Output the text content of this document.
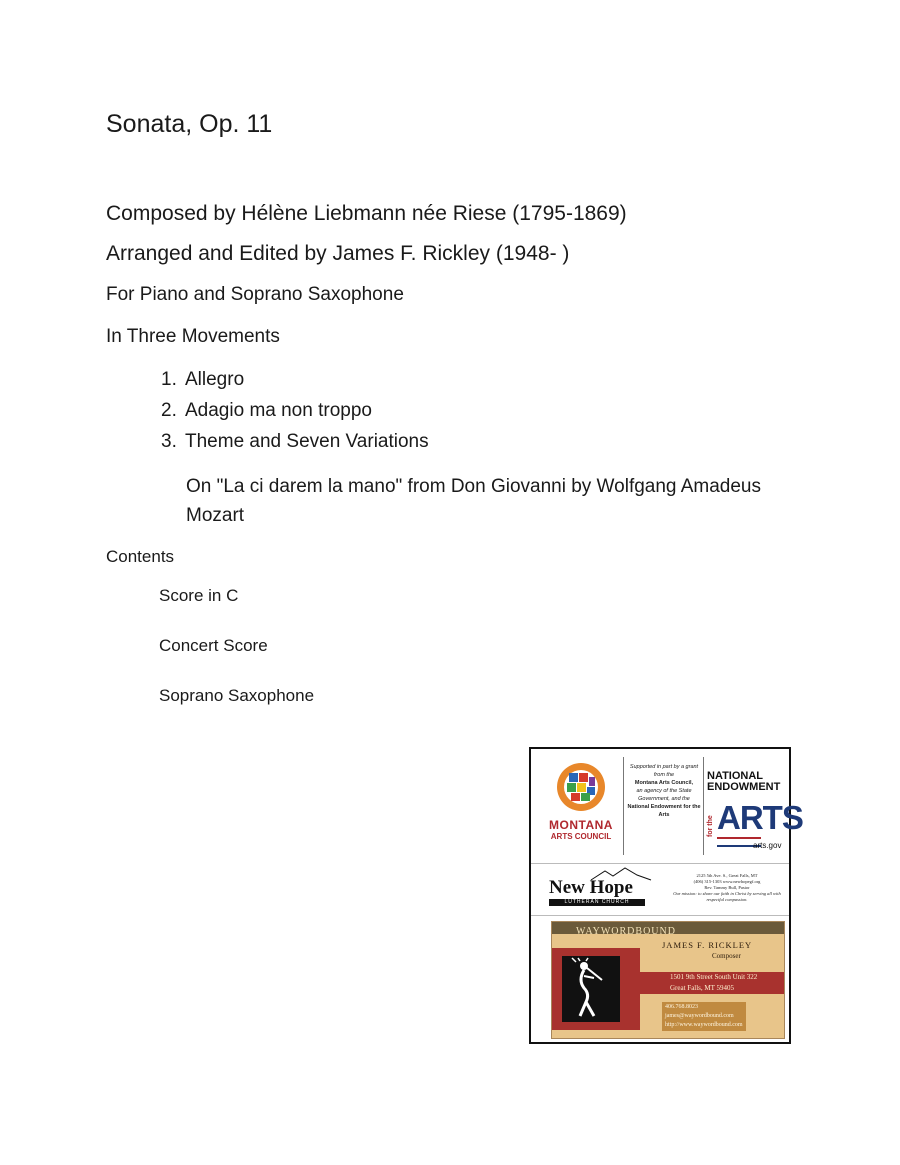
Sonata, Op. 11
Composed by Hélène Liebmann née Riese (1795-1869)
Arranged and Edited by James F. Rickley (1948- )
For Piano and Soprano Saxophone
In Three Movements
1. Allegro
2. Adagio ma non troppo
3. Theme and Seven Variations
On "La ci darem la mano" from Don Giovanni by Wolfgang Amadeus Mozart
Contents
Score in C
Concert Score
Soprano Saxophone
MONTANA
ARTS COUNCIL
Supported in part by a grant from the
Montana Arts Council,
an agency of the State Government, and the
National Endowment for the Arts
NATIONAL
ENDOWMENT
for the ARTS
arts.gov
New Hope
LUTHERAN CHURCH
2125 5th Ave. S., Great Falls, MT
(406) 315-1303 www.newhopegf.org
Rev. Tammy Bull, Pastor
Our mission: to share our faith in Christ by serving all with respectful compassion.
WAYWORDBOUND
JAMES F. RICKLEY
Composer
1501 9th Street South Unit 322
Great Falls, MT 59405
406.768.8023
james@waywordbound.com
http://www.waywordbound.com
